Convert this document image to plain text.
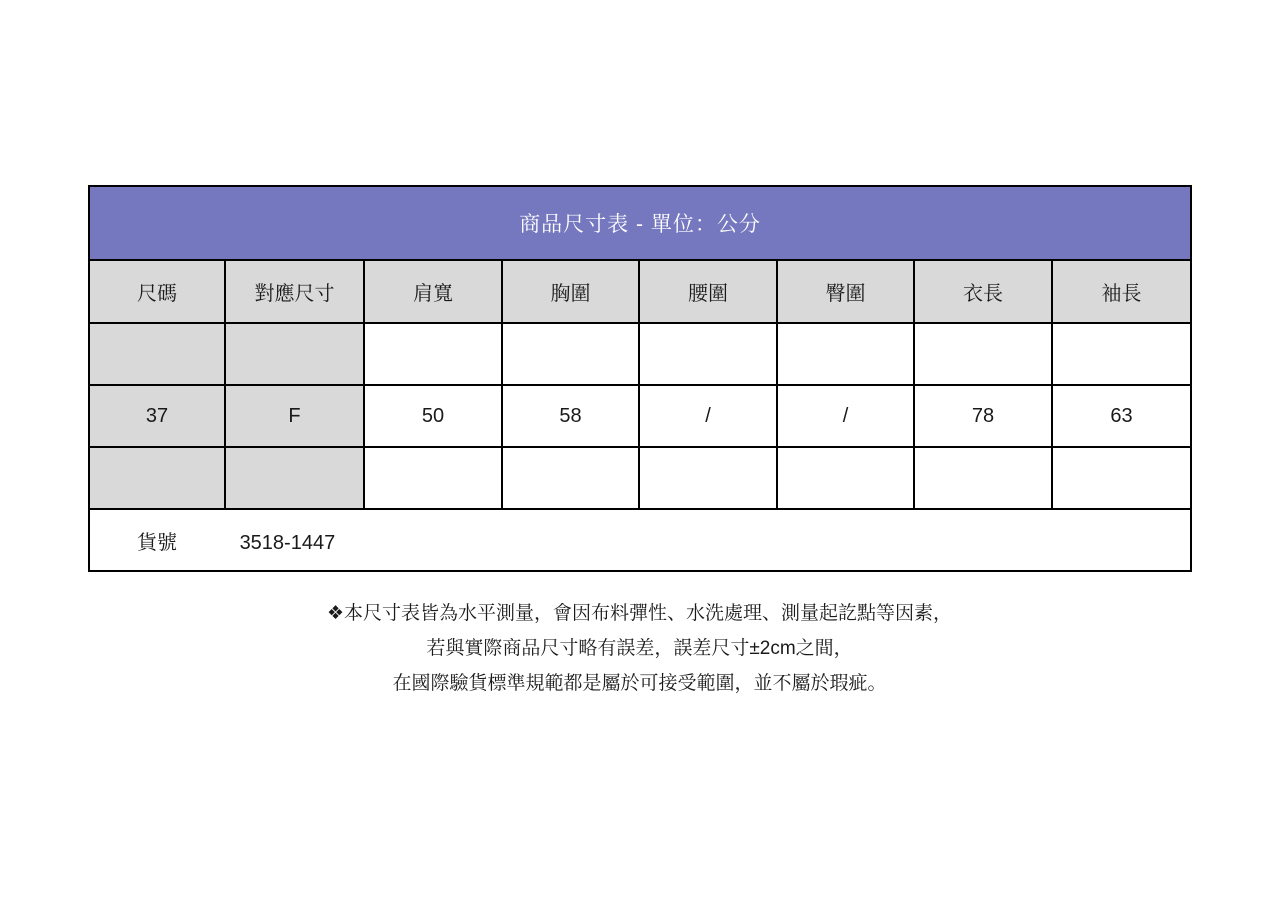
商品尺寸表 - 單位：公分							
尺碼	對應尺寸	肩寬	胸圍	腰圍	臀圍	衣長	袖長

37	F	50	58	/	/	78	63

貨號 3518-1447							
❖本尺寸表皆為水平測量，會因布料彈性、水洗處理、測量起訖點等因素，
若與實際商品尺寸略有誤差，誤差尺寸±2cm之間，
在國際驗貨標準規範都是屬於可接受範圍，並不屬於瑕疵。
